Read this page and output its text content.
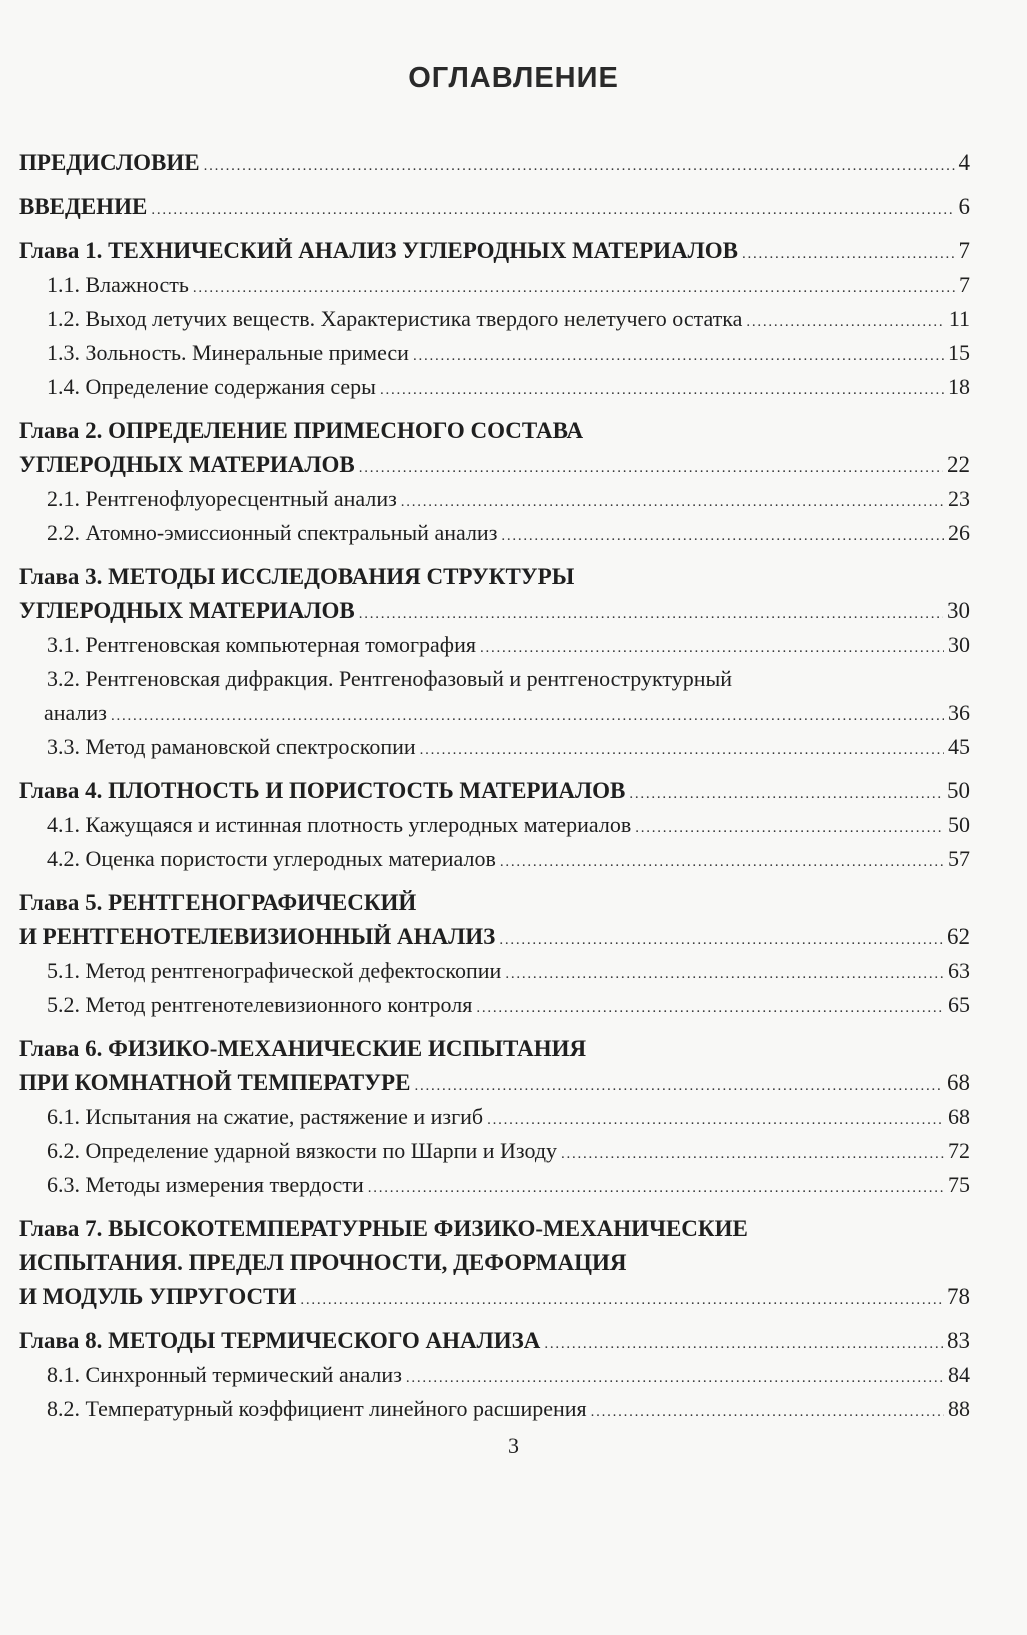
ОГЛАВЛЕНИЕ
ПРЕДИСЛОВИЕ . . .	4
ВВЕДЕНИЕ . . .	6
Глава 1. ТЕХНИЧЕСКИЙ АНАЛИЗ УГЛЕРОДНЫХ МАТЕРИАЛОВ . . .	7
1.1. Влажность . . .	7
1.2. Выход летучих веществ. Характеристика твердого нелетучего остатка . . .	11
1.3. Зольность. Минеральные примеси . . .	15
1.4. Определение содержания серы . . .	18
Глава 2. ОПРЕДЕЛЕНИЕ ПРИМЕСНОГО СОСТАВА
УГЛЕРОДНЫХ МАТЕРИАЛОВ . . .	22
2.1. Рентгенофлуоресцентный анализ . . .	23
2.2. Атомно-эмиссионный спектральный анализ . . .	26
Глава 3. МЕТОДЫ ИССЛЕДОВАНИЯ СТРУКТУРЫ
УГЛЕРОДНЫХ МАТЕРИАЛОВ . . .	30
3.1. Рентгеновская компьютерная томография . . .	30
3.2. Рентгеновская дифракция. Рентгенофазовый и рентгеноструктурный
анализ . . .	36
3.3. Метод рамановской спектроскопии . . .	45
Глава 4. ПЛОТНОСТЬ И ПОРИСТОСТЬ МАТЕРИАЛОВ . . .	50
4.1. Кажущаяся и истинная плотность углеродных материалов . . .	50
4.2. Оценка пористости углеродных материалов . . .	57
Глава 5. РЕНТГЕНОГРАФИЧЕСКИЙ
И РЕНТГЕНОТЕЛЕВИЗИОННЫЙ АНАЛИЗ . . .	62
5.1. Метод рентгенографической дефектоскопии . . .	63
5.2. Метод рентгенотелевизионного контроля . . .	65
Глава 6. ФИЗИКО-МЕХАНИЧЕСКИЕ ИСПЫТАНИЯ
ПРИ КОМНАТНОЙ ТЕМПЕРАТУРЕ . . .	68
6.1. Испытания на сжатие, растяжение и изгиб . . .	68
6.2. Определение ударной вязкости по Шарпи и Изоду . . .	72
6.3. Методы измерения твердости . . .	75
Глава 7. ВЫСОКОТЕМПЕРАТУРНЫЕ ФИЗИКО-МЕХАНИЧЕСКИЕ
ИСПЫТАНИЯ. ПРЕДЕЛ ПРОЧНОСТИ, ДЕФОРМАЦИЯ
И МОДУЛЬ УПРУГОСТИ . . .	78
Глава 8. МЕТОДЫ ТЕРМИЧЕСКОГО АНАЛИЗА . . .	83
8.1. Синхронный термический анализ . . .	84
8.2. Температурный коэффициент линейного расширения . . .	88
3
